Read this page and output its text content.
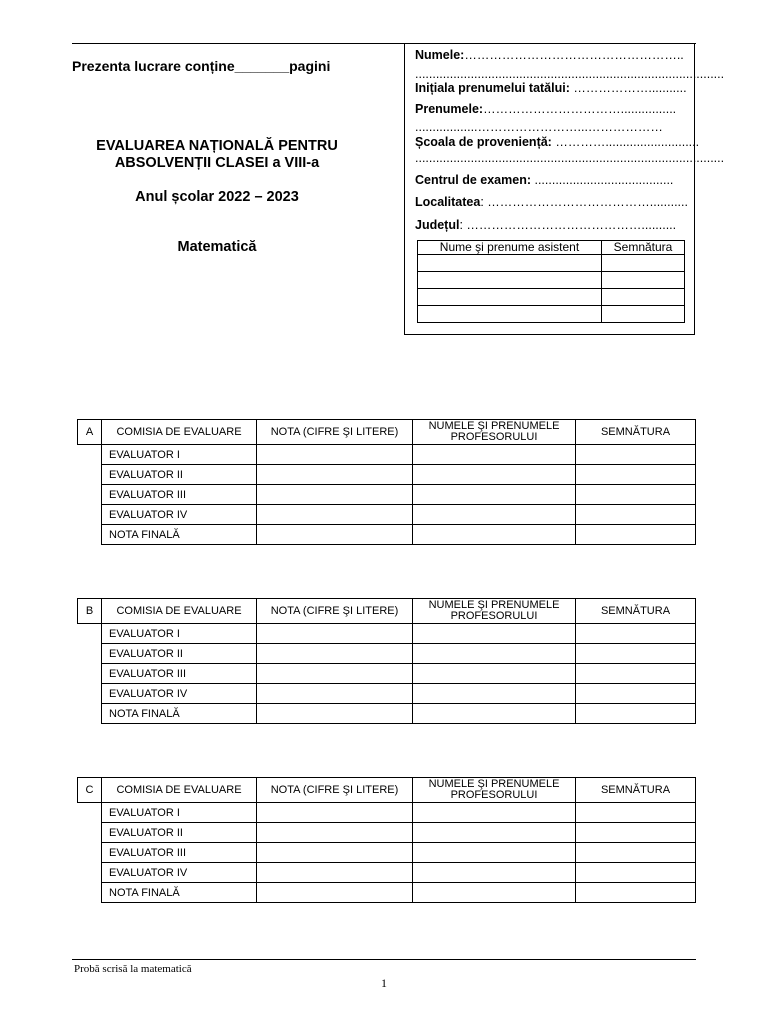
Prezenta lucrare conține_______pagini
EVALUAREA NAȚIONALĂ PENTRU
ABSOLVENȚII CLASEI a VIII-a
Anul școlar 2022 – 2023
Matematică
Numele:……………………………………………..
.........................................................................................
Inițiala prenumelui tatălui: ………………...........
Prenumele:……………………………................
..................……………………...………………
Școala de proveniență: …………...........................
.........................................................................................
Centrul de examen: ........................................
Localitatea: …………………………………...........
Județul: ……………………………………..........
Nume şi prenume asistent	Semnătura

A	COMISIA DE EVALUARE	NOTA (CIFRE ŞI LITERE)	NUMELE ŞI PRENUMELE PROFESORULUI	SEMNĂTURA
	EVALUATOR I			
	EVALUATOR II			
	EVALUATOR III			
	EVALUATOR IV			
	NOTA FINALĂ			
B	COMISIA DE EVALUARE	NOTA (CIFRE ŞI LITERE)	NUMELE ŞI PRENUMELE PROFESORULUI	SEMNĂTURA
	EVALUATOR I			
	EVALUATOR II			
	EVALUATOR III			
	EVALUATOR IV			
	NOTA FINALĂ			
C	COMISIA DE EVALUARE	NOTA (CIFRE ŞI LITERE)	NUMELE ŞI PRENUMELE PROFESORULUI	SEMNĂTURA
	EVALUATOR I			
	EVALUATOR II			
	EVALUATOR III			
	EVALUATOR IV			
	NOTA FINALĂ			
Probă scrisă la matematică
1
